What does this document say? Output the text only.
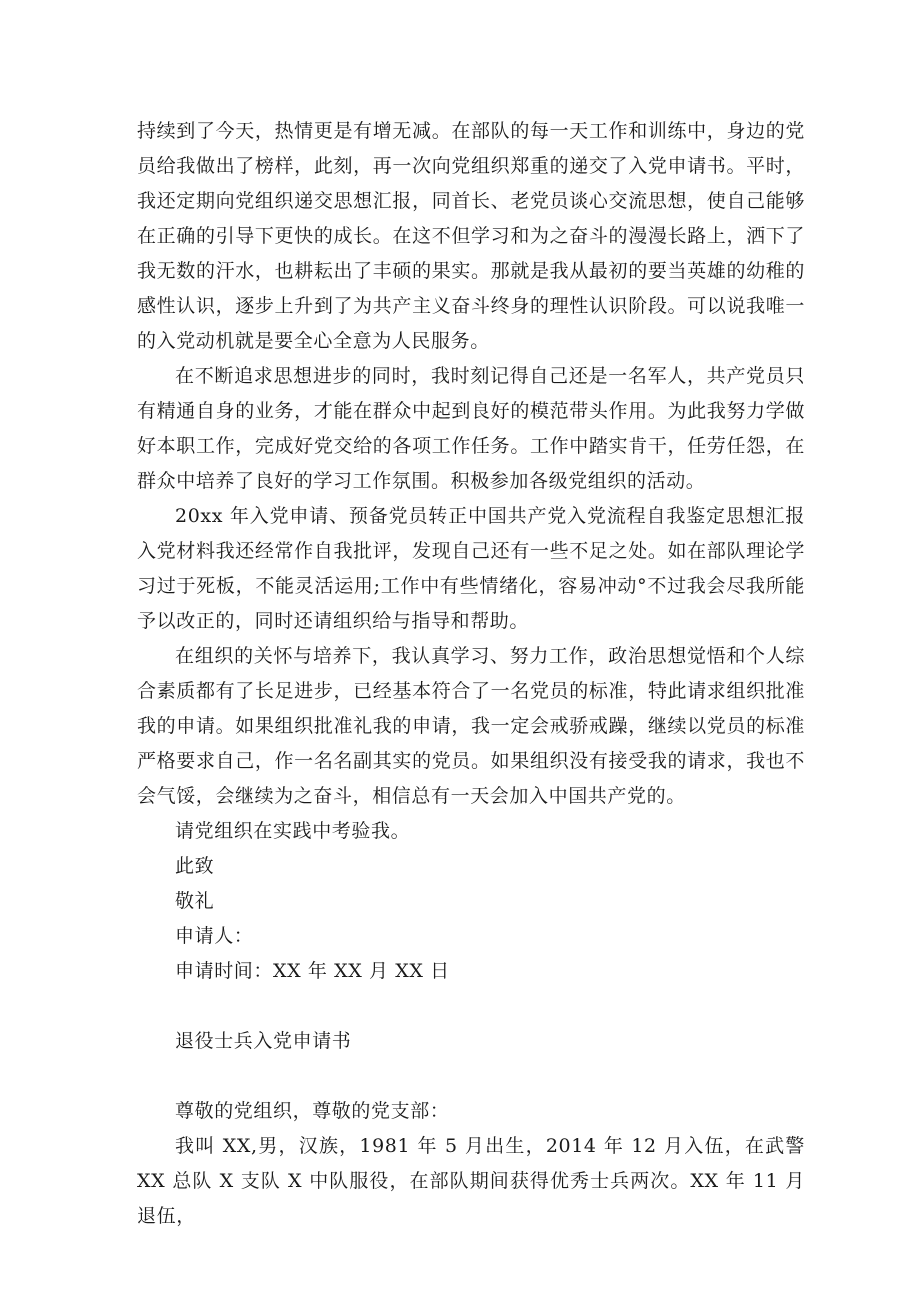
持续到了今天，热情更是有增无减。在部队的每一天工作和训练中，身边的党员给我做出了榜样，此刻，再一次向党组织郑重的递交了入党申请书。平时，我还定期向党组织递交思想汇报，同首长、老党员谈心交流思想，使自己能够在正确的引导下更快的成长。在这不但学习和为之奋斗的漫漫长路上，洒下了我无数的汗水，也耕耘出了丰硕的果实。那就是我从最初的要当英雄的幼稚的感性认识，逐步上升到了为共产主义奋斗终身的理性认识阶段。可以说我唯一的入党动机就是要全心全意为人民服务。

在不断追求思想进步的同时，我时刻记得自己还是一名军人，共产党员只有精通自身的业务，才能在群众中起到良好的模范带头作用。为此我努力学做好本职工作，完成好党交给的各项工作任务。工作中踏实肯干，任劳任怨，在群众中培养了良好的学习工作氛围。积极参加各级党组织的活动。

20xx 年入党申请、预备党员转正中国共产党入党流程自我鉴定思想汇报入党材料我还经常作自我批评，发现自己还有一些不足之处。如在部队理论学习过于死板，不能灵活运用;工作中有些情绪化，容易冲动°不过我会尽我所能予以改正的，同时还请组织给与指导和帮助。

在组织的关怀与培养下，我认真学习、努力工作，政治思想觉悟和个人综合素质都有了长足进步，已经基本符合了一名党员的标准，特此请求组织批准我的申请。如果组织批准礼我的申请，我一定会戒骄戒躁，继续以党员的标准严格要求自己，作一名名副其实的党员。如果组织没有接受我的请求，我也不会气馁，会继续为之奋斗，相信总有一天会加入中国共产党的。

请党组织在实践中考验我。

此致

敬礼

申请人：

申请时间：XX 年 XX 月 XX 日

退役士兵入党申请书

尊敬的党组织，尊敬的党支部：

我叫 XX,男，汉族，1981 年 5 月出生，2014 年 12 月入伍，在武警 XX 总队 X 支队 X 中队服役，在部队期间获得优秀士兵两次。XX 年 11 月退伍，
